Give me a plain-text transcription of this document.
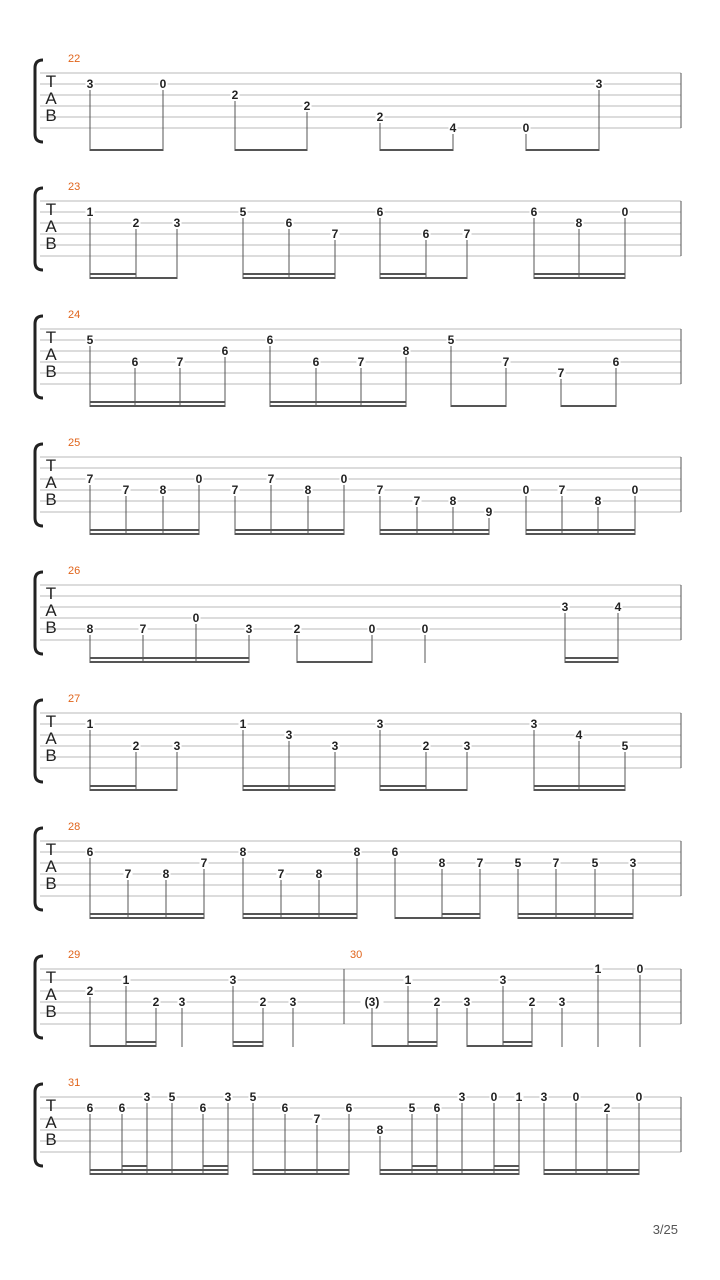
T
A
B
22
3	0
2
2
2
4	0
3
T
A
B
23
1
2	3
5
6
7
6
6	7
6
8
0
T
A
B
24
5
6	7
6
6
6	7
8
5
7
7
6
T
A
B
25
7
7	8
0
7
7
8
0
7
7 8
9
0 7
8
0
T
A
B
26
8	7
0
3	2	0	0
3	4
T
A
B
27
1
2	3
1
3
3
3
2	3
3
4
5
T
A
B
28
6
7	8
7
8
7	8
8	6
8	7	5	7	5	3
T
A
B
29
2
1
2 3
3
2 3
30
(3)
1
2 3
3
2 3
1	0
T
A
B
31
6 6
3 5
6
3 5
6
7
6
8
5 6
3 0 1 3 0
2
0
3/25
